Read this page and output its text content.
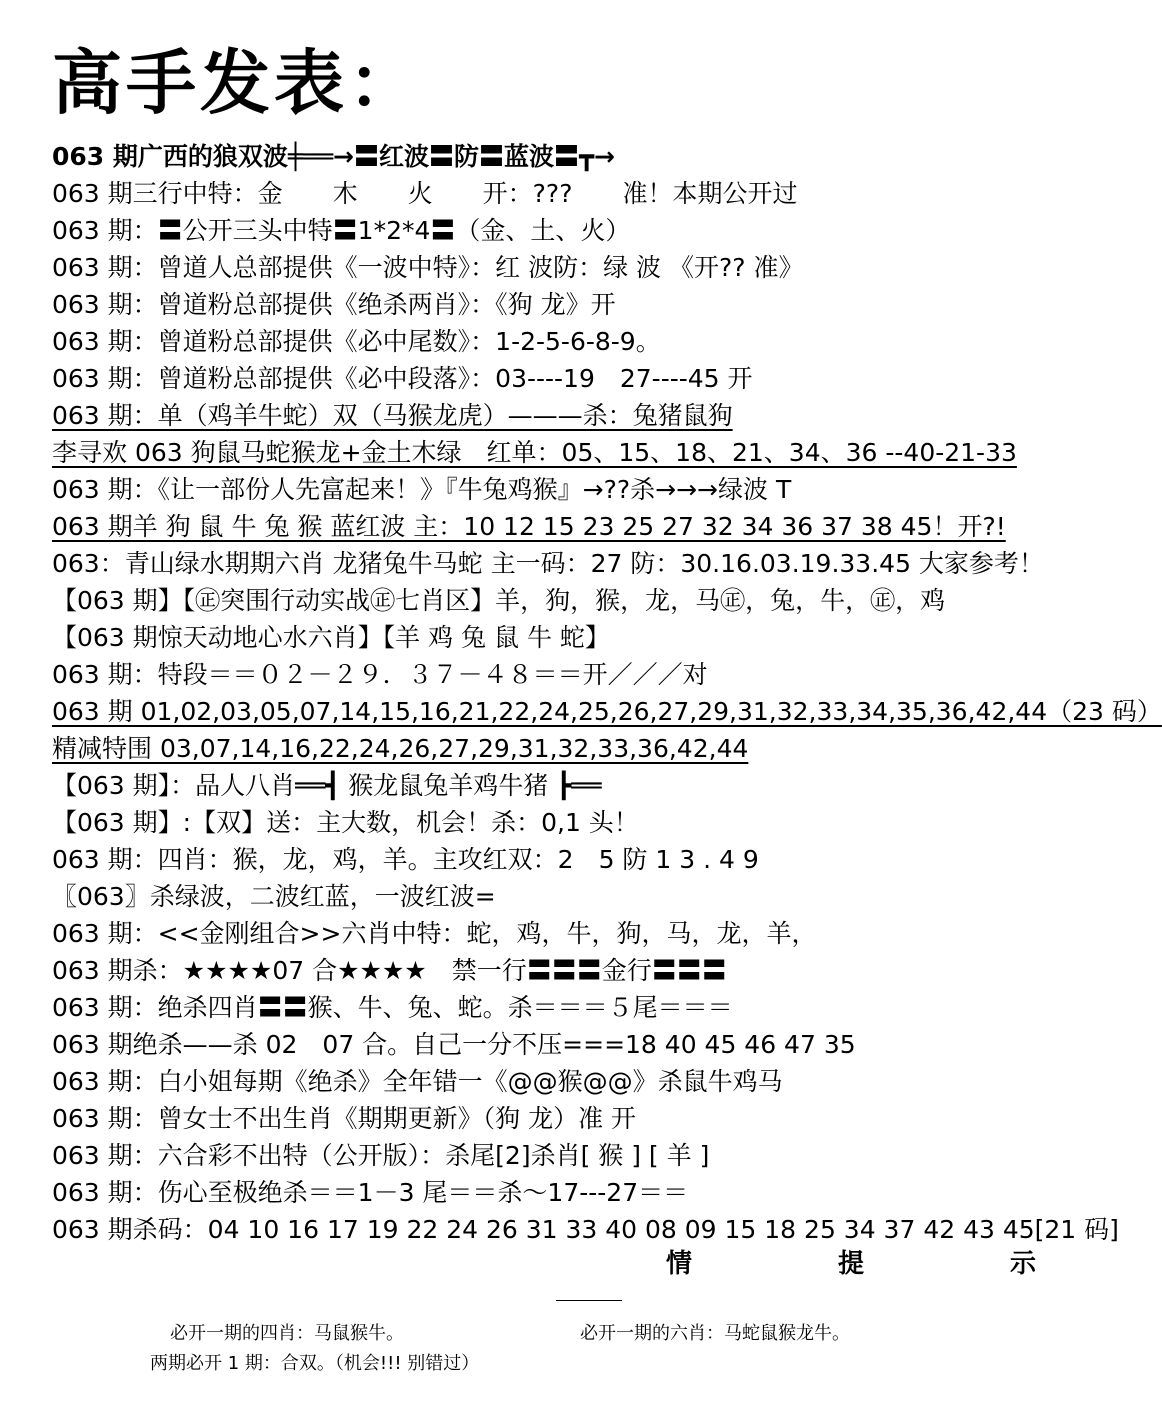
高手发表：
063 期广西的狼双波╪══→〓红波〓防〓蓝波〓┳→
063 期三行中特：金　　木　　火　　开：???　　准！本期公开过
063 期：〓公开三头中特〓1*2*4〓（金、土、火）
063 期：曾道人总部提供《一波中特》：红 波防：绿 波 《开?? 准》
063 期：曾道粉总部提供《绝杀两肖》：《狗 龙》开
063 期：曾道粉总部提供《必中尾数》：1-2-5-6-8-9。
063 期：曾道粉总部提供《必中段落》：03----19　27----45 开
063 期：单（鸡羊牛蛇）双（马猴龙虎）———杀：兔猪鼠狗
李寻欢 063 狗鼠马蛇猴龙+金土木绿　红单：05、15、18、21、34、36 --40-21-33
063 期：《让一部份人先富起来！》『牛兔鸡猴』→??杀→→→绿波 T
063 期羊 狗 鼠 牛 兔 猴 蓝红波 主：10 12 15 23 25 27 32 34 36 37 38 45！开?!
063：青山绿水期期六肖 龙猪兔牛马蛇 主一码：27 防：30.16.03.19.33.45 大家参考！
【063 期】【㊣突围行动实战㊣七肖区】羊，狗，猴，龙，马㊣，兔，牛，㊣，鸡
【063 期惊天动地心水六肖】【羊 鸡 兔 鼠 牛 蛇】
063 期：特段＝＝０２－２９．３７－４８＝＝开／／／对
063 期 01,02,03,05,07,14,15,16,21,22,24,25,26,27,29,31,32,33,34,35,36,42,44（23 码）
精减特围 03,07,14,16,22,24,26,27,29,31,32,33,36,42,44
【063 期】：品人八肖══┫ 猴龙鼠兔羊鸡牛猪 ┣══
【063 期】:【双】送：主大数，机会！杀：0,1 头！
063 期：四肖：猴，龙，鸡，羊。主攻红双：2　5 防 1 3 . 4 9
〖063〗杀绿波，二波红蓝，一波红波=
063 期：<<金刚组合>>六肖中特：蛇，鸡，牛，狗，马，龙，羊，
063 期杀：★★★★07 合★★★★　禁一行〓〓〓金行〓〓〓
063 期：绝杀四肖〓〓猴、牛、兔、蛇。杀＝＝＝５尾＝＝＝
063 期绝杀——杀 02　07 合。自己一分不压===18 40 45 46 47 35
063 期：白小姐每期《绝杀》全年错一《@@猴@@》杀鼠牛鸡马
063 期：曾女士不出生肖《期期更新》（狗 龙）准 开
063 期：六合彩不出特（公开版）：杀尾[2]杀肖[ 猴 ] [ 羊 ]
063 期：伤心至极绝杀＝＝1－3 尾＝＝杀～17---27＝＝
063 期杀码：04 10 16 17 19 22 24 26 31 33 40 08 09 15 18 25 34 37 42 43 45[21 码]
情	提	示
必开一期的四肖：马鼠猴牛。	必开一期的六肖：马蛇鼠猴龙牛。
两期必开 1 期：合双。（机会!!! 别错过）
